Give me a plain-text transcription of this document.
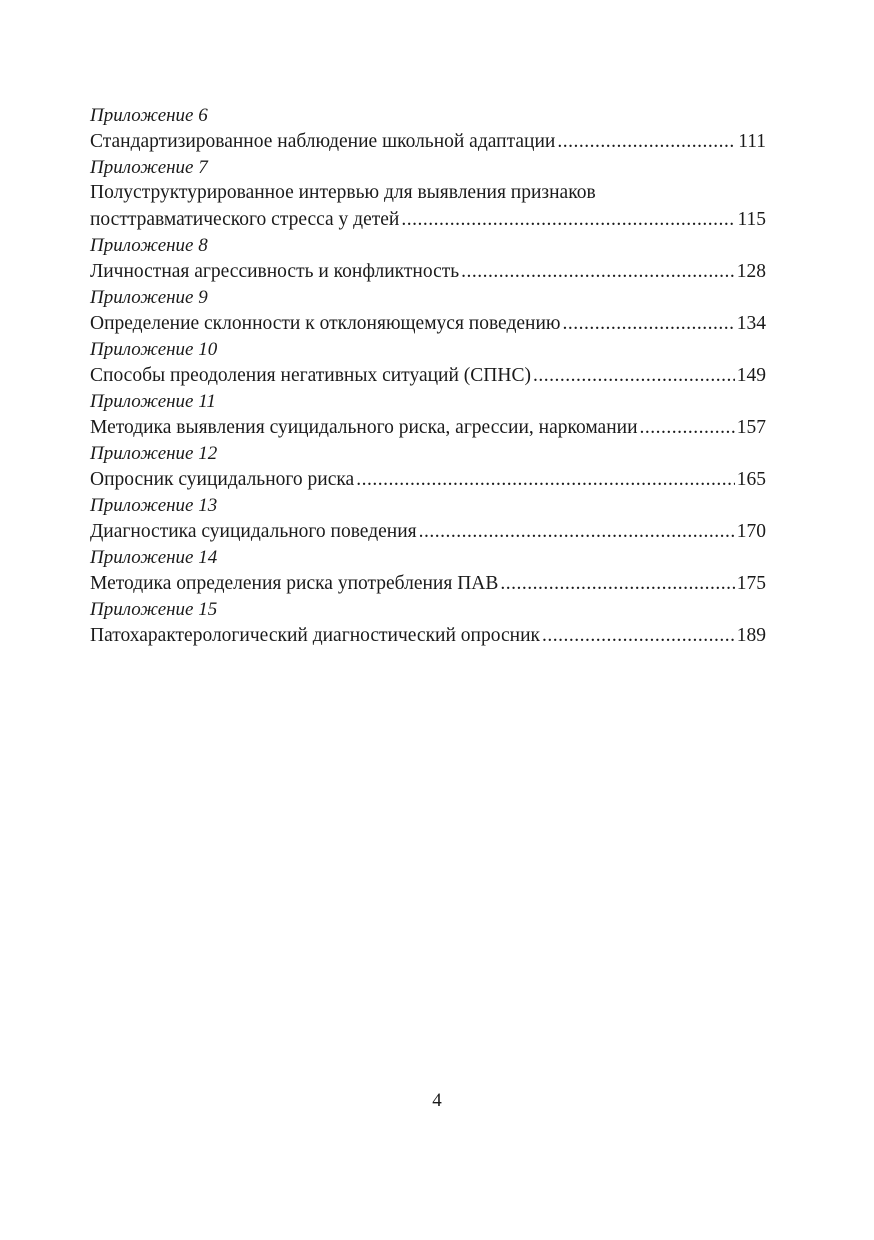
Приложение 6
Стандартизированное наблюдение школьной адаптации .....	111
Приложение 7
Полуструктурированное интервью для выявления признаков
посттравматического стресса у детей .....	115
Приложение 8
Личностная агрессивность и конфликтность .....	128
Приложение 9
Определение склонности к отклоняющемуся поведению .....	134
Приложение 10
Способы преодоления негативных ситуаций (СПНС) .....	149
Приложение 11
Методика выявления суицидального риска, агрессии, наркомании .....	157
Приложение 12
Опросник суицидального риска .....	165
Приложение 13
Диагностика суицидального поведения .....	170
Приложение 14
Методика определения риска употребления ПАВ .....	175
Приложение 15
Патохарактерологический диагностический опросник .....	189
4
